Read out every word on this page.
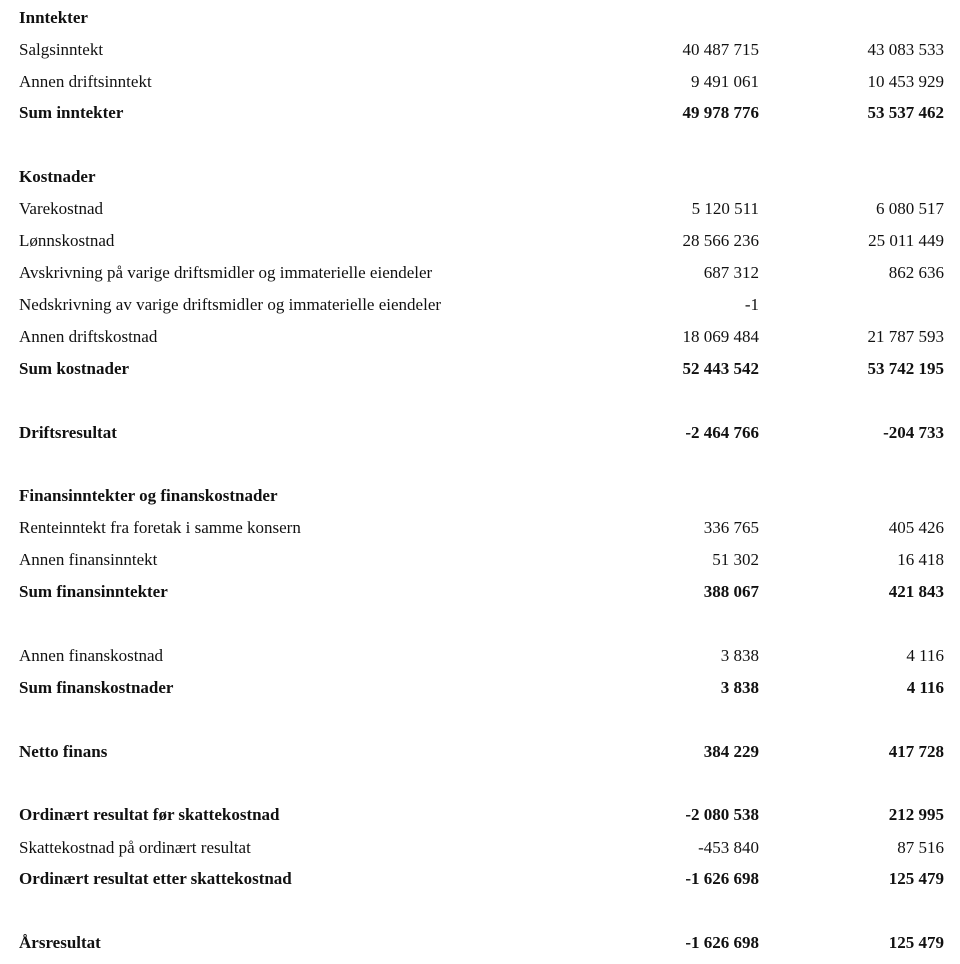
Inntekter
Salgsinntekt	40 487 715	43 083 533
Annen driftsinntekt	9 491 061	10 453 929
Sum inntekter	49 978 776	53 537 462
Kostnader
Varekostnad	5 120 511	6 080 517
Lønnskostnad	28 566 236	25 011 449
Avskrivning på varige driftsmidler og immaterielle eiendeler	687 312	862 636
Nedskrivning av varige driftsmidler og immaterielle eiendeler	-1
Annen driftskostnad	18 069 484	21 787 593
Sum kostnader	52 443 542	53 742 195
Driftsresultat	-2 464 766	-204 733
Finansinntekter og finanskostnader
Renteinntekt fra foretak i samme konsern	336 765	405 426
Annen finansinntekt	51 302	16 418
Sum finansinntekter	388 067	421 843
Annen finanskostnad	3 838	4 116
Sum finanskostnader	3 838	4 116
Netto finans	384 229	417 728
Ordinært resultat før skattekostnad	-2 080 538	212 995
Skattekostnad på ordinært resultat	-453 840	87 516
Ordinært resultat etter skattekostnad	-1 626 698	125 479
Årsresultat	-1 626 698	125 479
